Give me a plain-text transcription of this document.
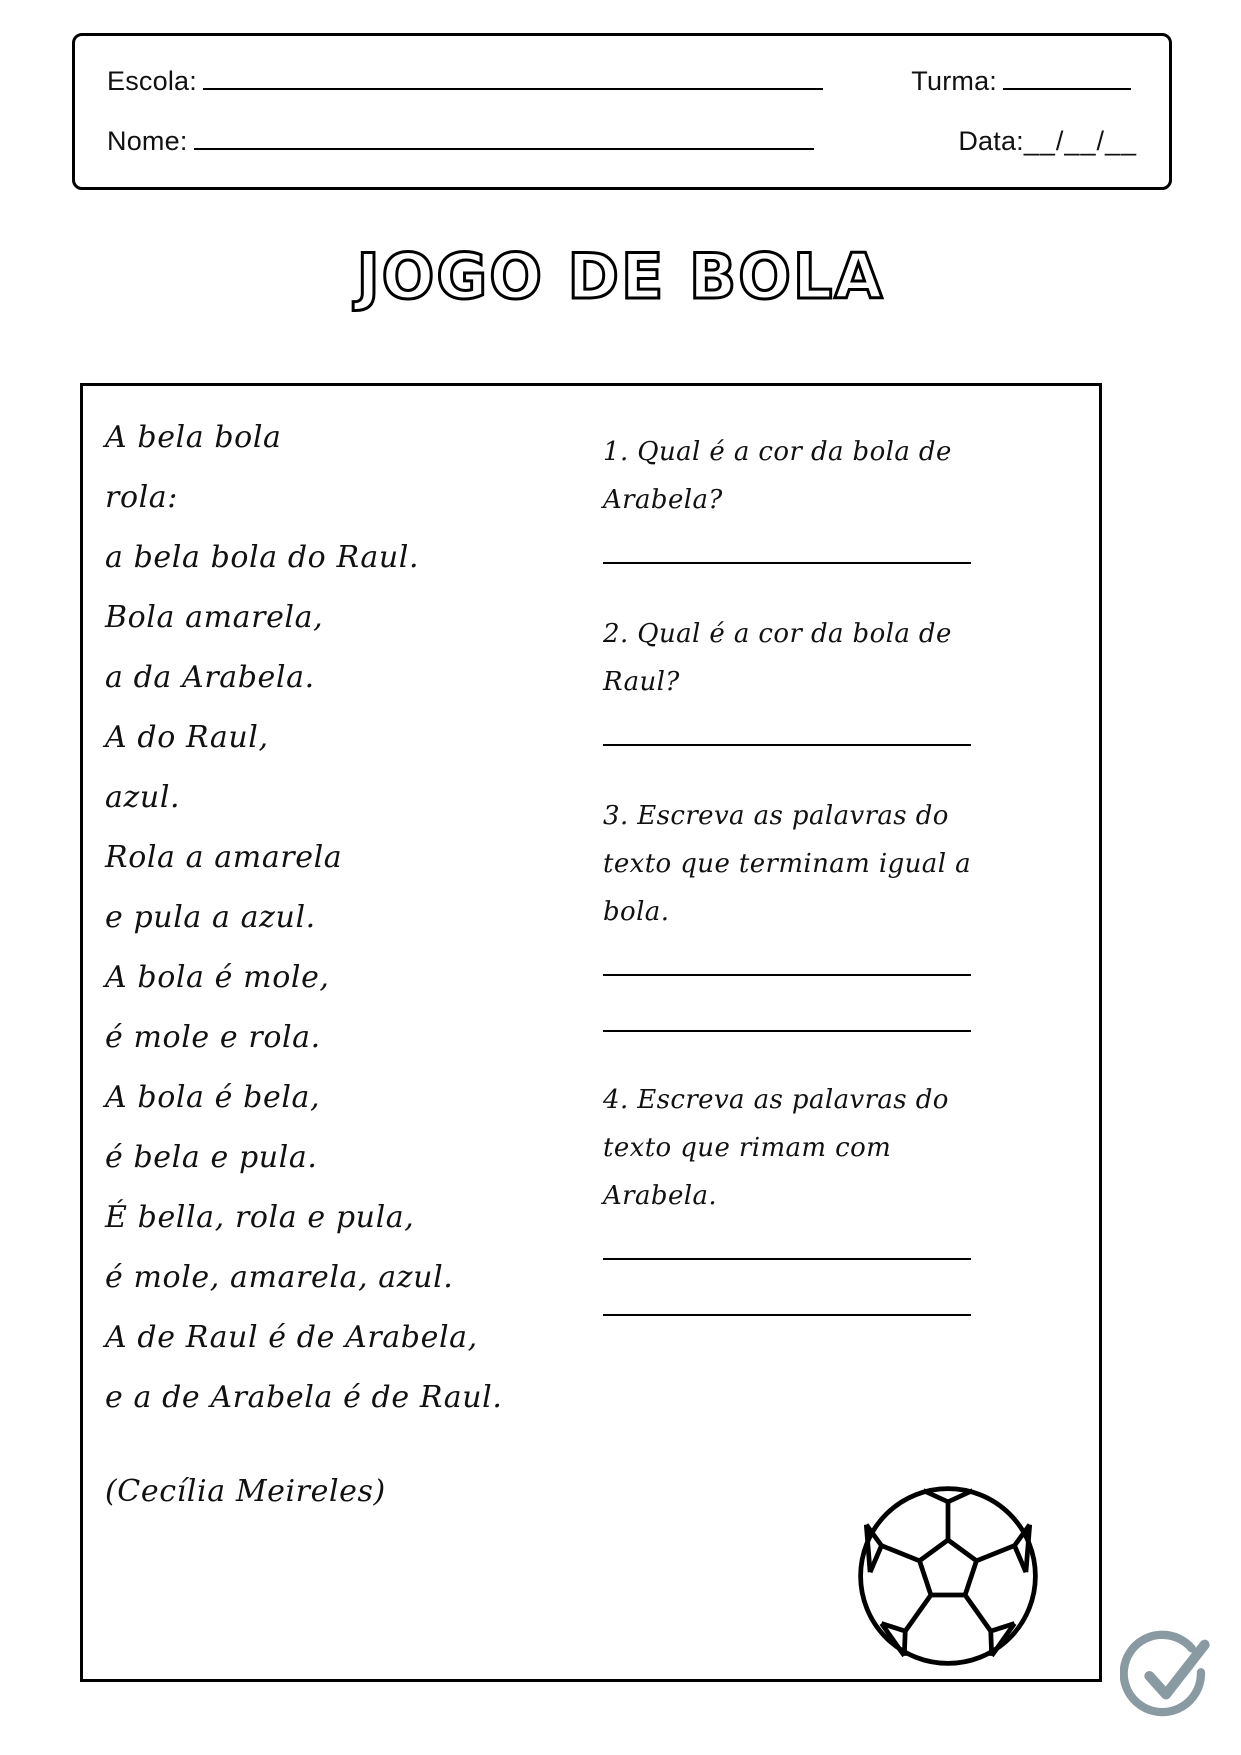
Escola:	Turma:
Nome:	Data: __/__/__
JOGO DE BOLA
A bela bola
rola:
a bela bola do Raul.
Bola amarela,
a da Arabela.
A do Raul,
azul.
Rola a amarela
e pula a azul.
A bola é mole,
é mole e rola.
A bola é bela,
é bela e pula.
É bella, rola e pula,
é mole, amarela, azul.
A de Raul é de Arabela,
e a de Arabela é de Raul.
(Cecília Meireles)
1. Qual é a cor da bola de Arabela?
2. Qual é a cor da bola de Raul?
3. Escreva as palavras do texto que terminam igual a bola.
4. Escreva as palavras do texto que rimam com Arabela.
